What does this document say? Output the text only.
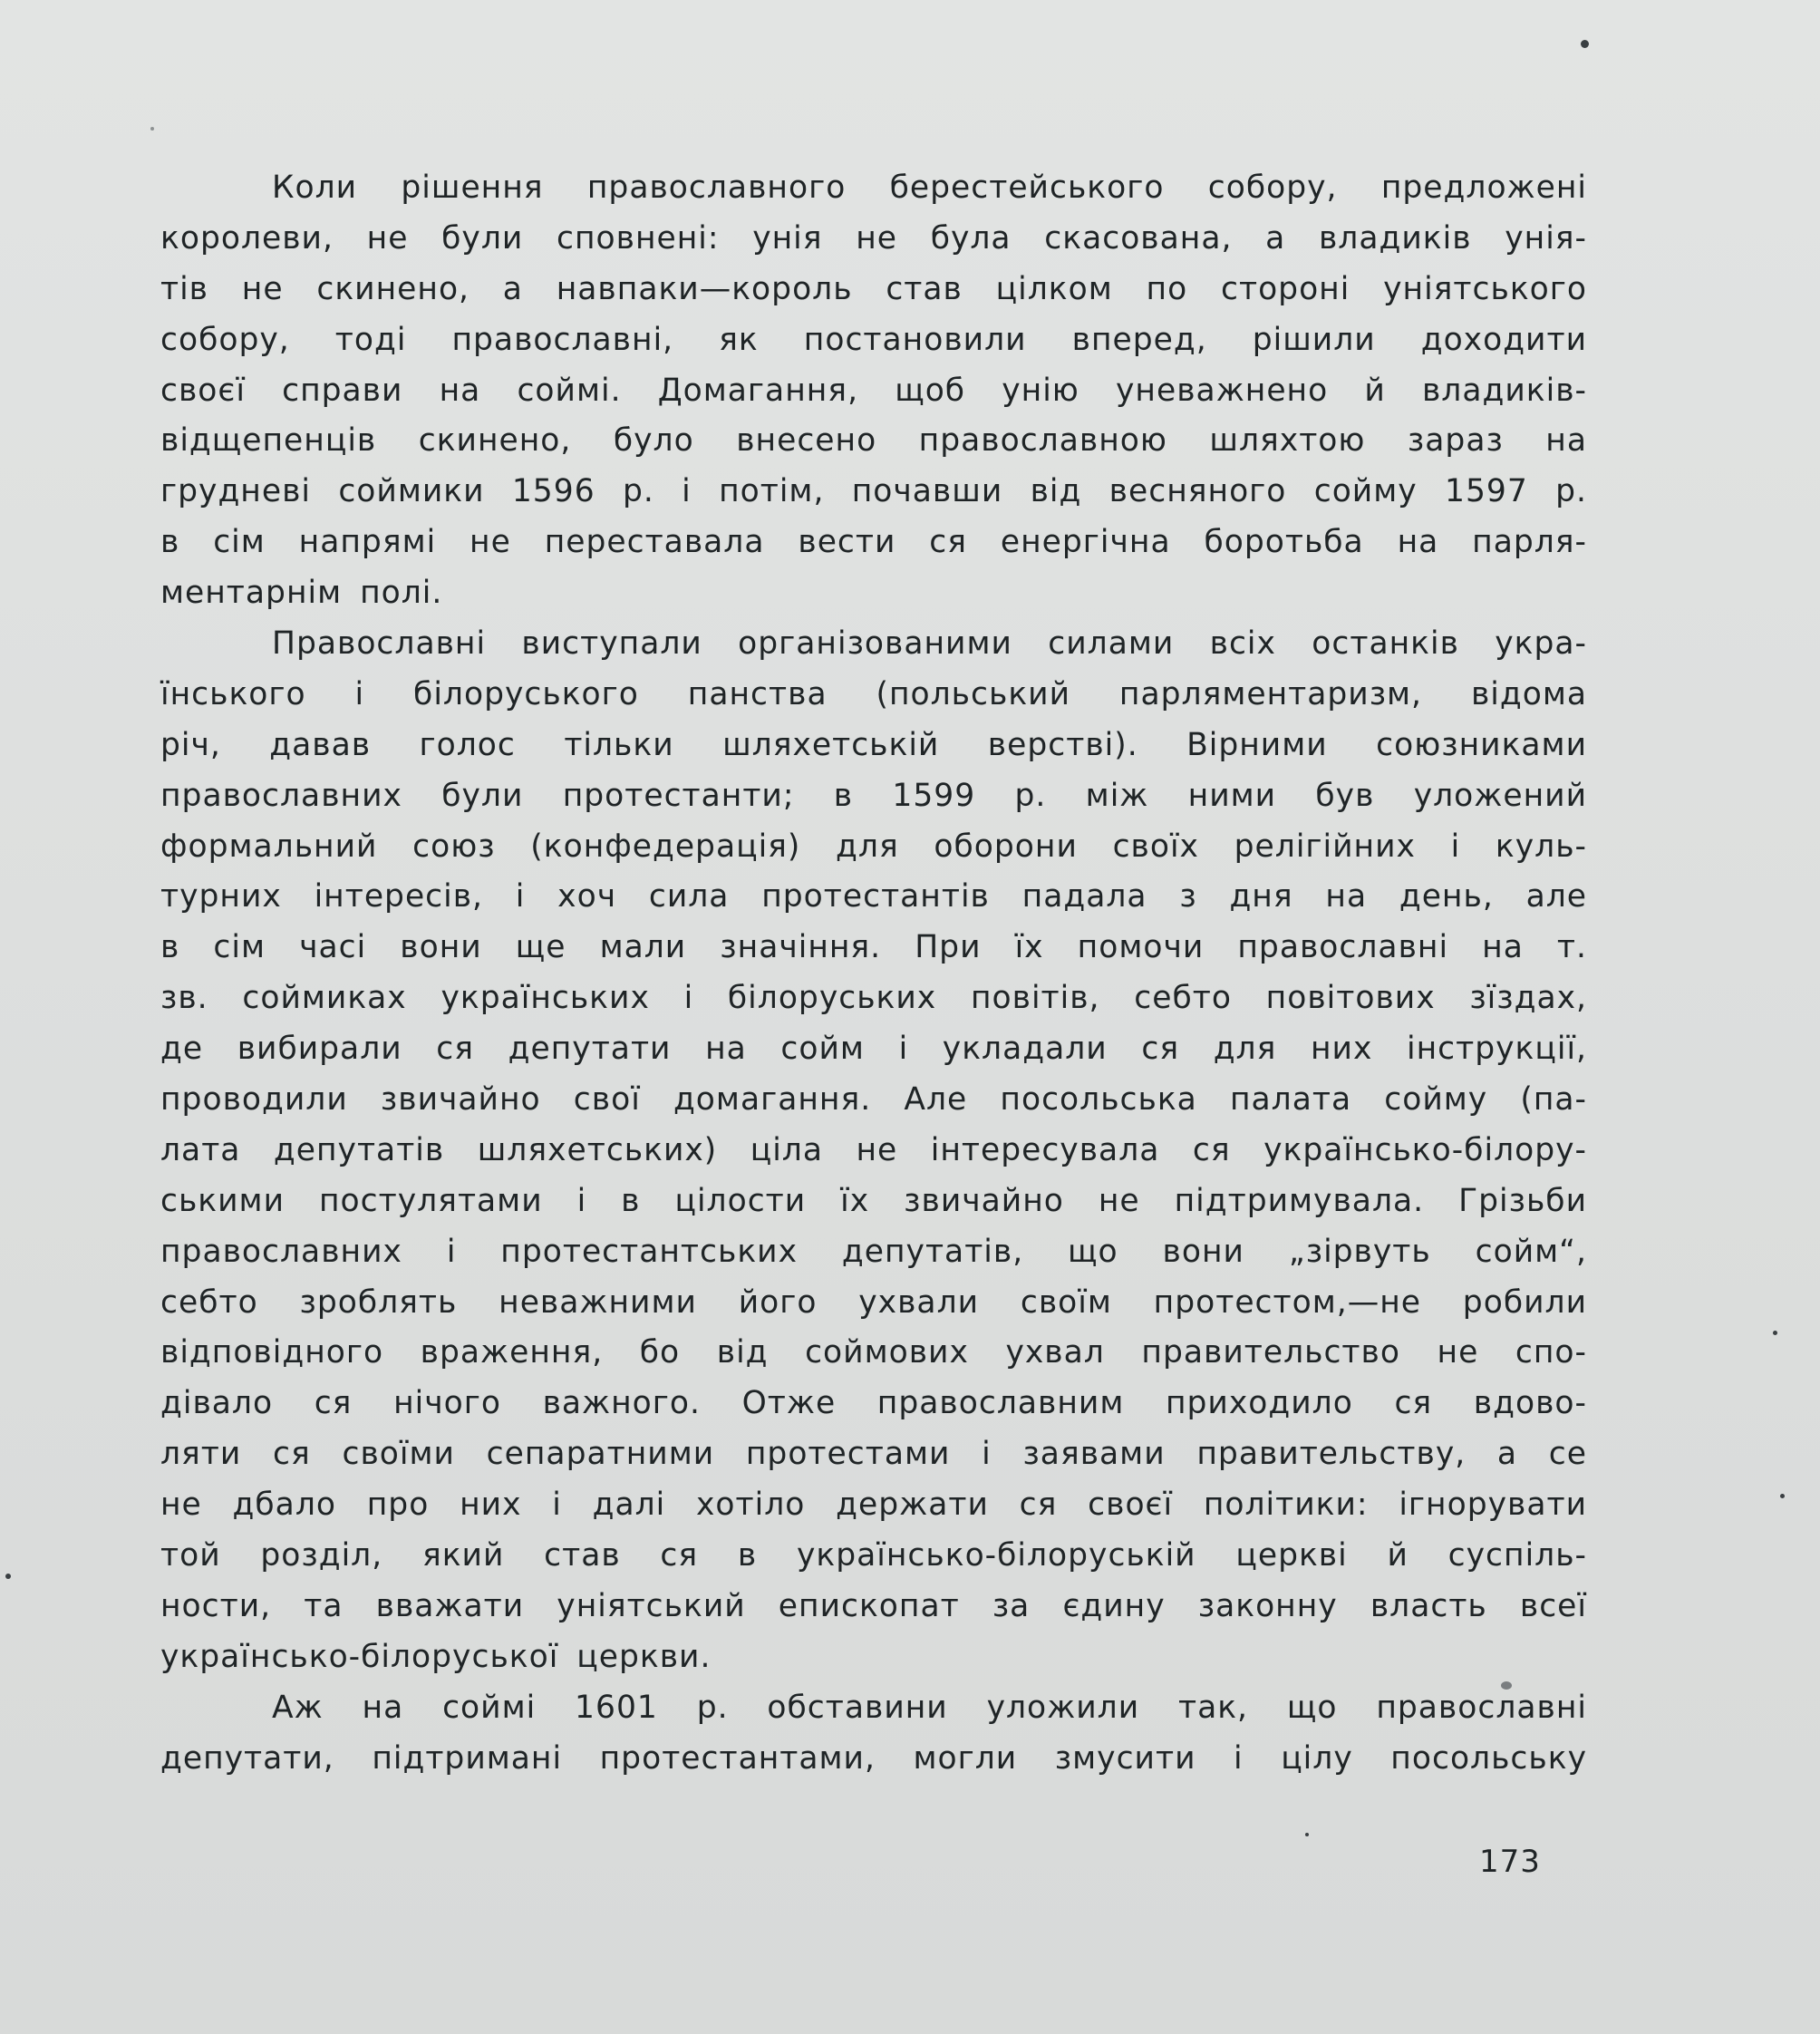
Коли рішення православного берестейського собору, предложені
королеви, не були сповнені: унія не була скасована, а владиків унія-
тів не скинено, а навпаки—король став цілком по стороні уніятського
собору, тоді православні, як постановили вперед, рішили доходити
своєї справи на соймі. Домагання, щоб унію уневажнено й владиків-
відщепенців скинено, було внесено православною шляхтою зараз на
грудневі соймики 1596 р. і потім, почавши від весняного сойму 1597 р.
в сім напрямі не переставала вести ся енергічна боротьба на парля-
ментарнім полі.
Православні виступали організованими силами всіх останків укра-
їнського і білоруського панства (польський парляментаризм, відома
річ, давав голос тільки шляхетській верстві). Вірними союзниками
православних були протестанти; в 1599 р. між ними був уложений
формальний союз (конфедерація) для оборони своїх релігійних і куль-
турних інтересів, і хоч сила протестантів падала з дня на день, але
в сім часі вони ще мали значіння. При їх помочи православні на т.
зв. соймиках українських і білоруських повітів, себто повітових зїздах,
де вибирали ся депутати на сойм і укладали ся для них інструкції,
проводили звичайно свої домагання. Але посольська палата сойму (па-
лата депутатів шляхетських) ціла не інтересувала ся українсько-білору-
ськими постулятами і в цілости їх звичайно не підтримувала. Грізьби
православних і протестантських депутатів, що вони „зірвуть сойм“,
себто зроблять неважними його ухвали своїм протестом,—не робили
відповідного враження, бо від соймових ухвал правительство не спо-
дівало ся нічого важного. Отже православним приходило ся вдово-
ляти ся своїми сепаратними протестами і заявами правительству, а се
не дбало про них і далі хотіло держати ся своєї політики: ігнорувати
той розділ, який став ся в українсько-білоруській церкві й суспіль-
ности, та вважати уніятський епископат за єдину законну власть всеї
українсько-білоруської церкви.
Аж на соймі 1601 р. обставини уложили так, що православні
депутати, підтримані протестантами, могли змусити і цілу посольську
173
